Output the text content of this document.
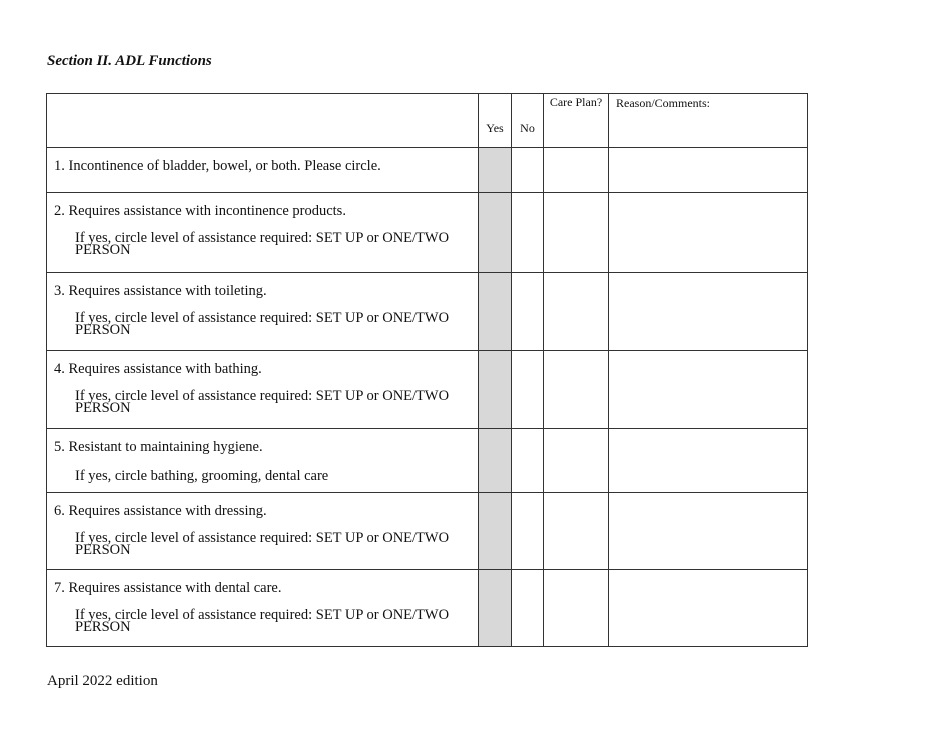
Section II. ADL Functions
	Yes	No	Care Plan?	Reason/Comments:

1. Incontinence of bladder, bowel, or both. Please circle.				

2. Requires assistance with incontinence products.
If yes, circle level of assistance required: SET UP or ONE/TWO PERSON				

3. Requires assistance with toileting.
If yes, circle level of assistance required: SET UP or ONE/TWO PERSON				

4. Requires assistance with bathing.
If yes, circle level of assistance required: SET UP or ONE/TWO PERSON				

5. Resistant to maintaining hygiene.
If yes, circle bathing, grooming, dental care				

6. Requires assistance with dressing.
If yes, circle level of assistance required: SET UP or ONE/TWO PERSON				

7. Requires assistance with dental care.
If yes, circle level of assistance required: SET UP or ONE/TWO PERSON				

April 2022 edition
